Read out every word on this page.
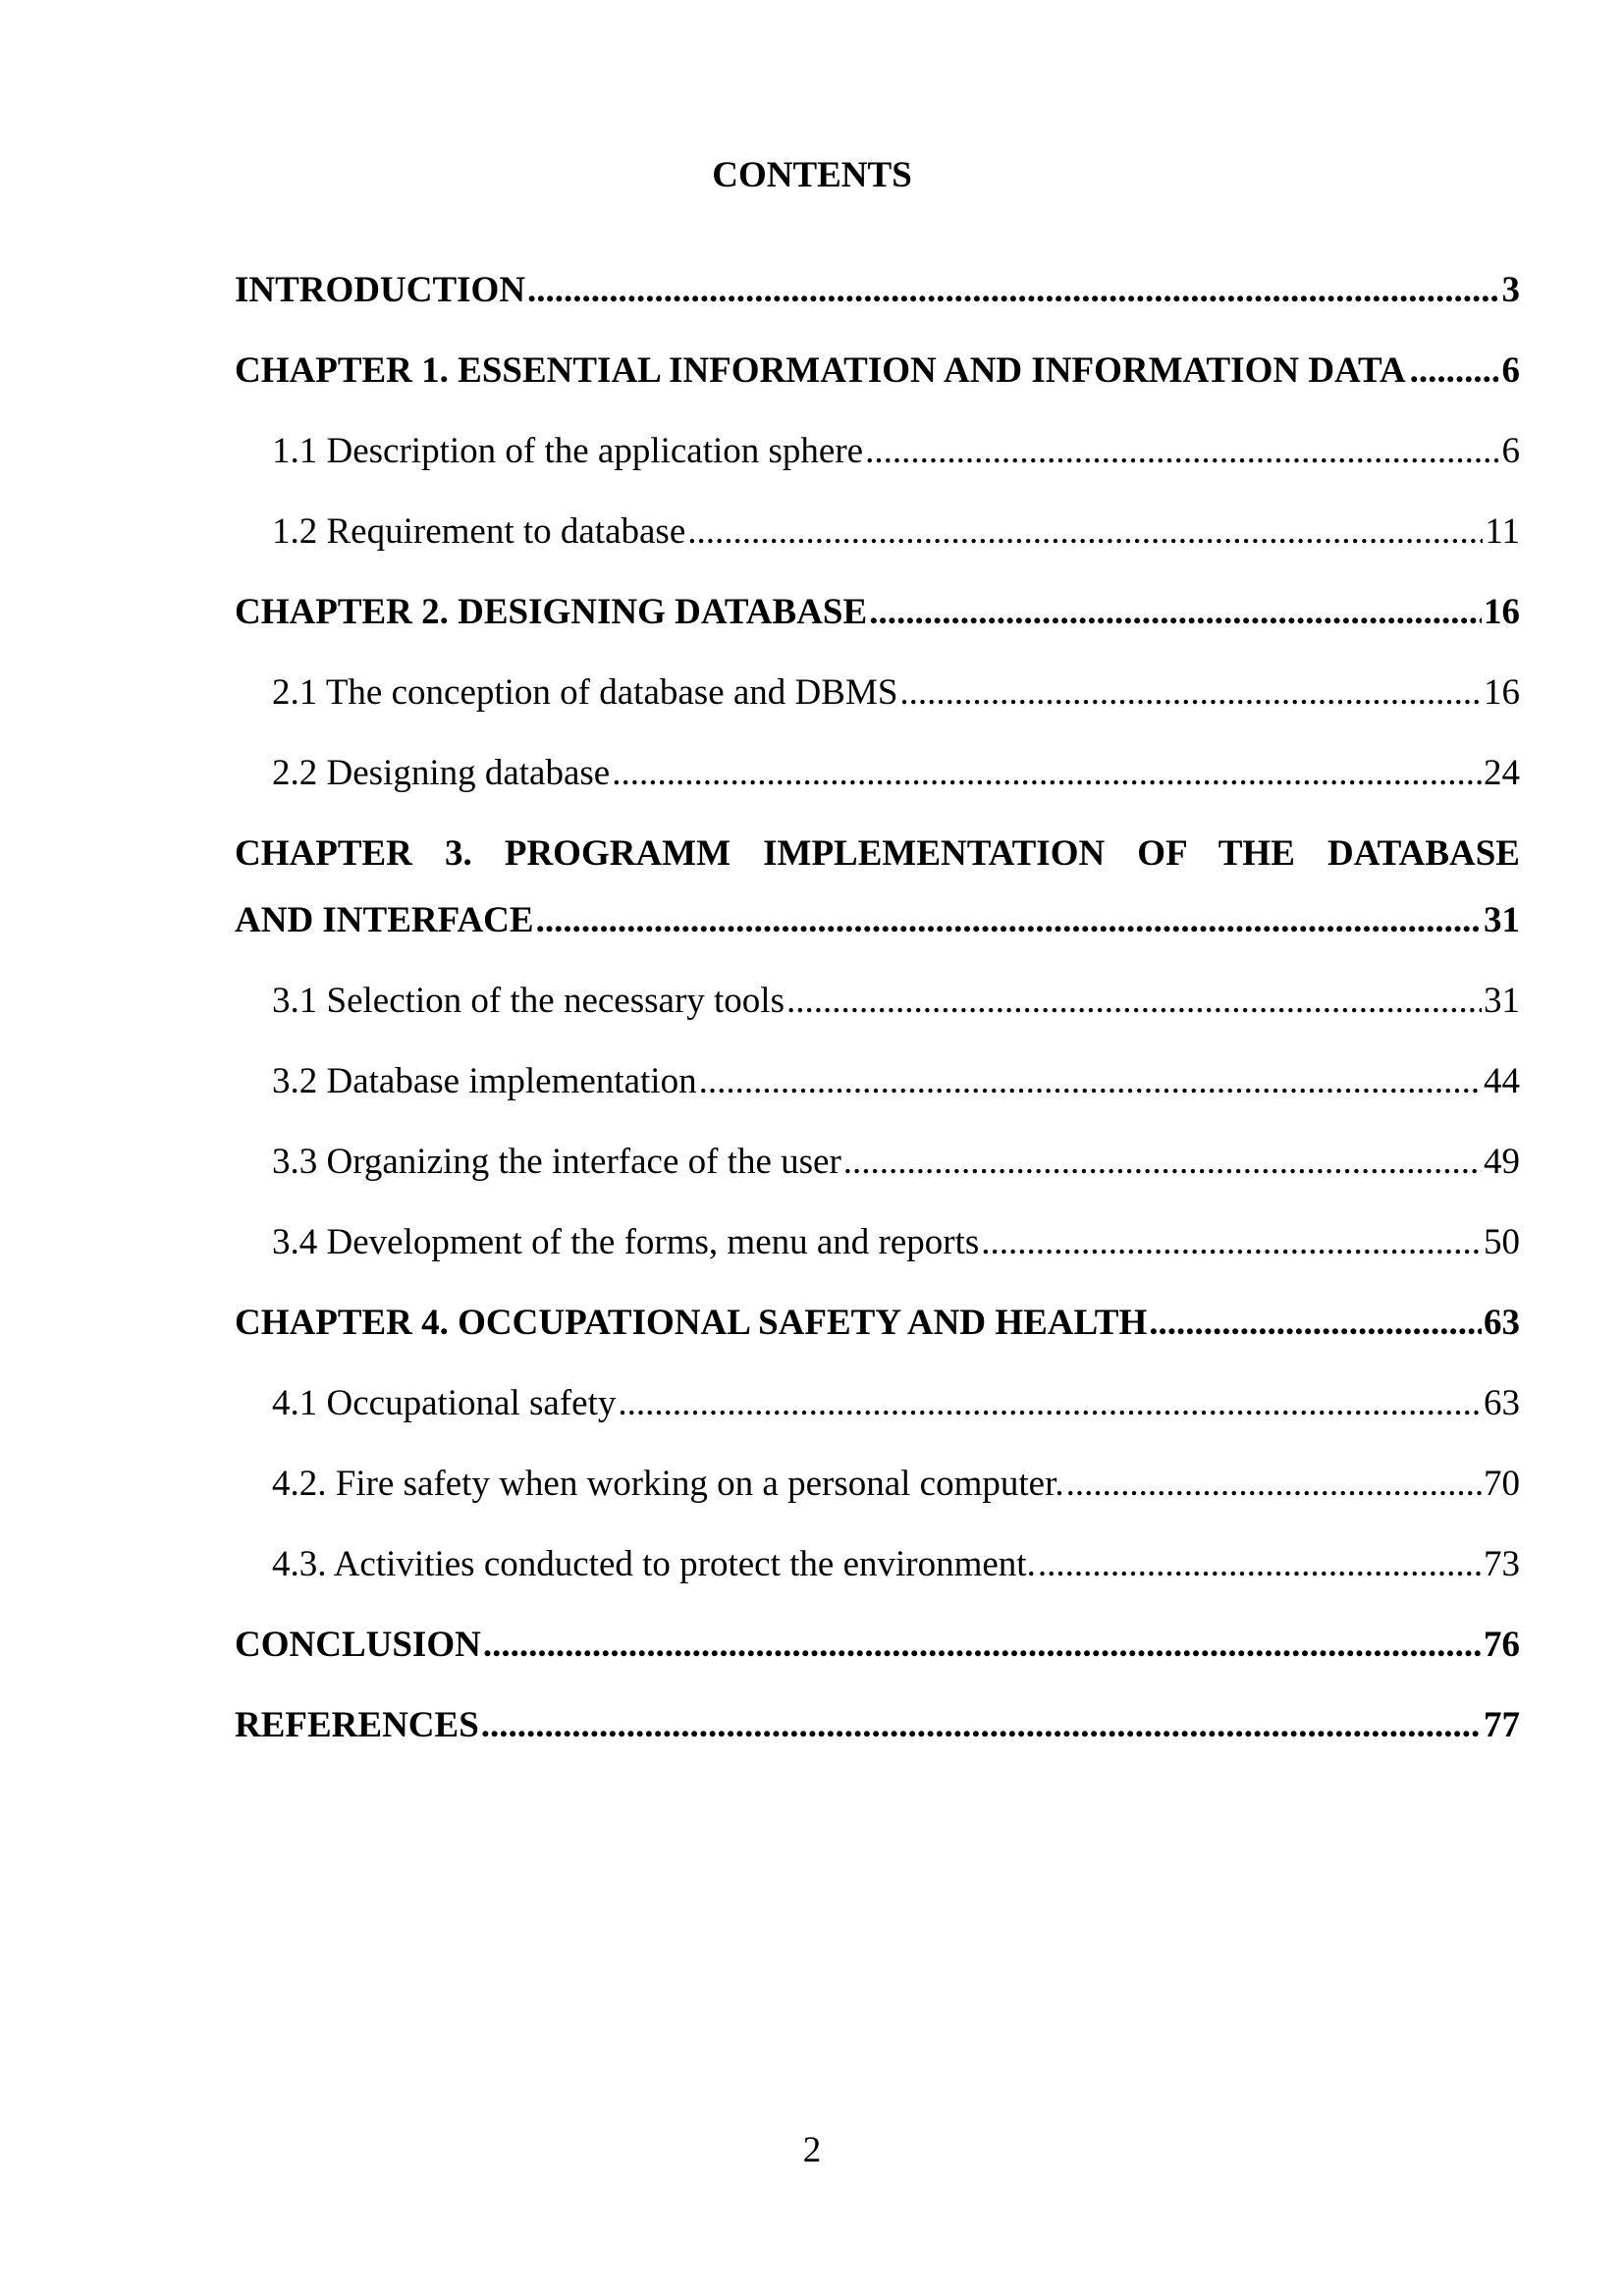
CONTENTS
INTRODUCTION .....	3
CHAPTER 1. ESSENTIAL INFORMATION AND INFORMATION DATA .....	6
1.1 Description of the application sphere .....	6
1.2 Requirement to database .....	11
CHAPTER 2. DESIGNING DATABASE .....	16
2.1 The conception of database and DBMS .....	16
2.2 Designing database .....	24
CHAPTER 3. PROGRAMM IMPLEMENTATION OF THE DATABASE
AND INTERFACE .....	31
3.1 Selection of the necessary tools .....	31
3.2 Database implementation .....	44
3.3 Organizing the interface of the user .....	49
3.4 Development of the forms, menu and reports .....	50
CHAPTER 4. OCCUPATIONAL SAFETY AND HEALTH .....	63
4.1 Occupational safety .....	63
4.2. Fire safety when working on a personal computer. .....	70
4.3. Activities conducted to protect the environment. .....	73
CONCLUSION .....	76
REFERENCES .....	77
2
